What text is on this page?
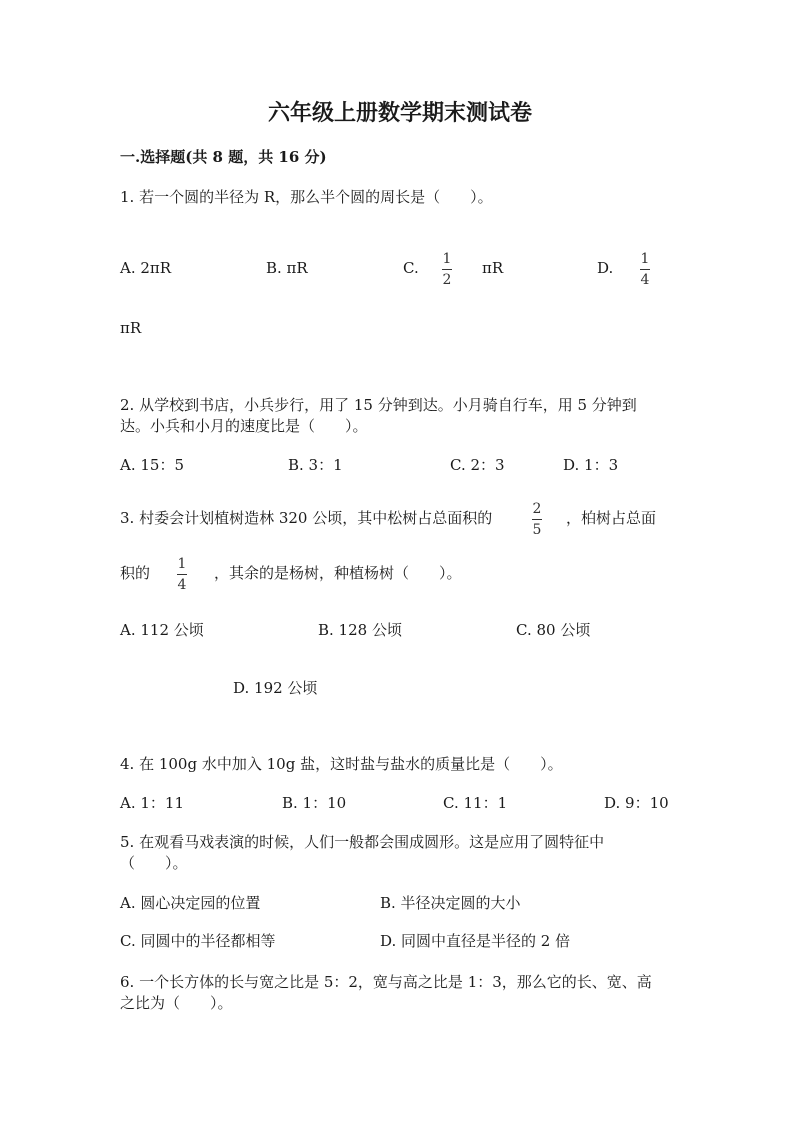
六年级上册数学期末测试卷
一.选择题(共 8 题，共 16 分)
1. 若一个圆的半径为 R，那么半个圆的周长是（　　）。
A. 2πR	B. πR	C. 1
2
πR	D. 1
4
πR
2. 从学校到书店，小兵步行，用了 15 分钟到达。小月骑自行车，用 5 分钟到
达。小兵和小月的速度比是（　　）。
A. 15：5	B. 3：1	C. 2：3	D. 1：3
3. 村委会计划植树造林 320 公顷，其中松树占总面积的	2
5
，柏树占总面
积的 1
4
，其余的是杨树，种植杨树（　　）。
A. 112 公顷	B. 128 公顷	C. 80 公顷
D. 192 公顷
4. 在 100g 水中加入 10g 盐，这时盐与盐水的质量比是（　　）。
A. 1：11	B. 1：10	C. 11：1	D. 9：10
5. 在观看马戏表演的时候，人们一般都会围成圆形。这是应用了圆特征中
（　　）。
A. 圆心决定园的位置	B. 半径决定圆的大小
C. 同圆中的半径都相等	D. 同圆中直径是半径的 2 倍
6. 一个长方体的长与宽之比是 5：2，宽与高之比是 1：3，那么它的长、宽、高
之比为（　　）。
